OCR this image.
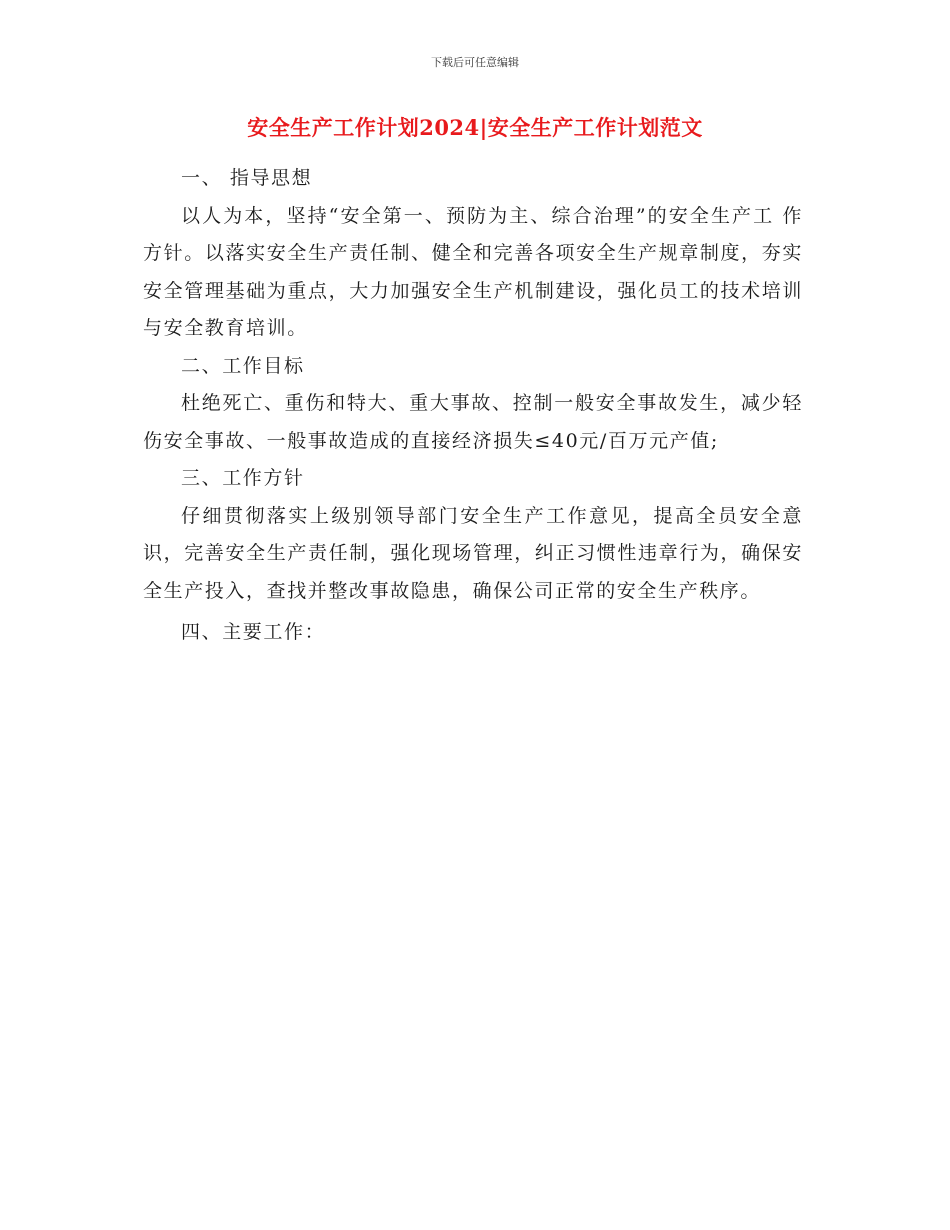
下载后可任意编辑
安全生产工作计划2024|安全生产工作计划范文

一、 指导思想

以人为本，坚持“安全第一、预防为主、综合治理”的安全生产工 作方针。以落实安全生产责任制、健全和完善各项安全生产规章制度，夯实安全管理基础为重点，大力加强安全生产机制建设，强化员工的技术培训与安全教育培训。

二、工作目标

杜绝死亡、重伤和特大、重大事故、控制一般安全事故发生，减少轻伤安全事故、一般事故造成的直接经济损失≤40元/百万元产值;

三、工作方针

仔细贯彻落实上级别领导部门安全生产工作意见，提高全员安全意识，完善安全生产责任制，强化现场管理，纠正习惯性违章行为，确保安全生产投入，查找并整改事故隐患，确保公司正常的安全生产秩序。

四、主要工作：
